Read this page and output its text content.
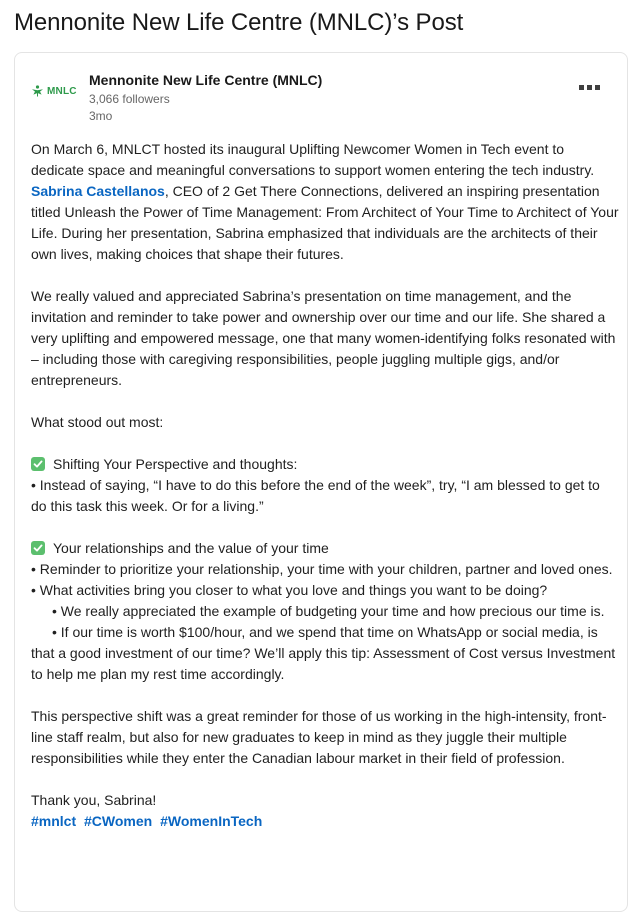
Mennonite New Life Centre (MNLC)’s Post
MNLC
Mennonite New Life Centre (MNLC)
3,066 followers
3mo

On March 6, MNLCT hosted its inaugural Uplifting Newcomer Women in Tech event to dedicate space and meaningful conversations to support women entering the tech industry. Sabrina Castellanos, CEO of 2 Get There Connections, delivered an inspiring presentation titled Unleash the Power of Time Management: From Architect of Your Time to Architect of Your Life. During her presentation, Sabrina emphasized that individuals are the architects of their own lives, making choices that shape their futures.

We really valued and appreciated Sabrina’s presentation on time management, and the invitation and reminder to take power and ownership over our time and our life. She shared a very uplifting and empowered message, one that many women-identifying folks resonated with – including those with caregiving responsibilities, people juggling multiple gigs, and/or entrepreneurs.

What stood out most:

Shifting Your Perspective and thoughts:

• Instead of saying, “I have to do this before the end of the week”, try, “I am blessed to get to do this task this week. Or for a living.”

Your relationships and the value of your time

• Reminder to prioritize your relationship, your time with your children, partner and loved ones.

• What activities bring you closer to what you love and things you want to be doing?

• We really appreciated the example of budgeting your time and how precious our time is.

• If our time is worth $100/hour, and we spend that time on WhatsApp or social media, is that a good investment of our time? We’ll apply this tip: Assessment of Cost versus Investment to help me plan my rest time accordingly.

This perspective shift was a great reminder for those of us working in the high-intensity, front-line staff realm, but also for new graduates to keep in mind as they juggle their multiple responsibilities while they enter the Canadian labour market in their field of profession.

Thank you, Sabrina!

#mnlct #CWomen #WomenInTech
